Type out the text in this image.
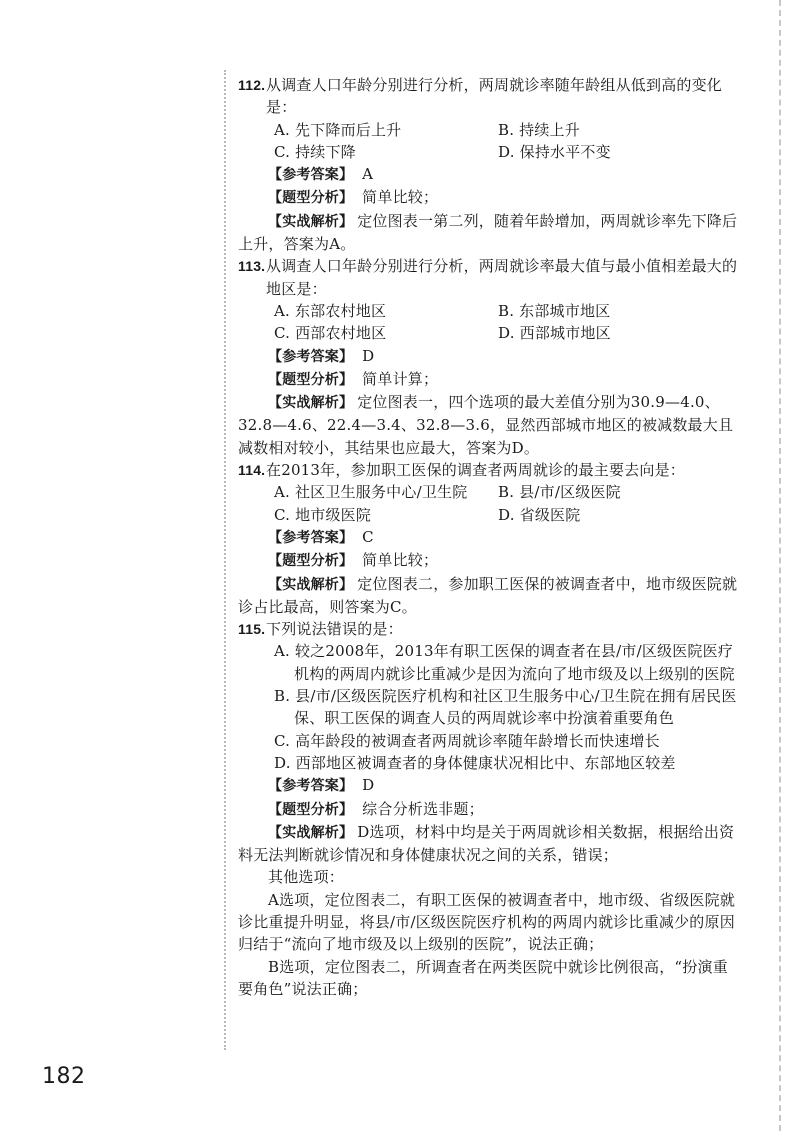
112. 从调查人口年龄分别进行分析，两周就诊率随年龄组从低到高的变化是：
A. 先下降而后上升	B. 持续上升
C. 持续下降	D. 保持水平不变
【参考答案】 A
【题型分析】 简单比较；
【实战解析】 定位图表一第二列，随着年龄增加，两周就诊率先下降后上升，答案为A。
113. 从调查人口年龄分别进行分析，两周就诊率最大值与最小值相差最大的地区是：
A. 东部农村地区	B. 东部城市地区
C. 西部农村地区	D. 西部城市地区
【参考答案】 D
【题型分析】 简单计算；
【实战解析】 定位图表一，四个选项的最大差值分别为30.9—4.0、32.8—4.6、22.4—3.4、32.8—3.6，显然西部城市地区的被减数最大且减数相对较小，其结果也应最大，答案为D。
114. 在2013年，参加职工医保的调查者两周就诊的最主要去向是：
A. 社区卫生服务中心/卫生院	B. 县/市/区级医院
C. 地市级医院	D. 省级医院
【参考答案】 C
【题型分析】 简单比较；
【实战解析】 定位图表二，参加职工医保的被调查者中，地市级医院就诊占比最高，则答案为C。
115. 下列说法错误的是：
A. 较之2008年，2013年有职工医保的调查者在县/市/区级医院医疗机构的两周内就诊比重减少是因为流向了地市级及以上级别的医院
B. 县/市/区级医院医疗机构和社区卫生服务中心/卫生院在拥有居民医保、职工医保的调查人员的两周就诊率中扮演着重要角色
C. 高年龄段的被调查者两周就诊率随年龄增长而快速增长
D. 西部地区被调查者的身体健康状况相比中、东部地区较差
【参考答案】 D
【题型分析】 综合分析选非题；
【实战解析】 D选项，材料中均是关于两周就诊相关数据，根据给出资料无法判断就诊情况和身体健康状况之间的关系，错误；
其他选项：
A选项，定位图表二，有职工医保的被调查者中，地市级、省级医院就诊比重提升明显，将县/市/区级医院医疗机构的两周内就诊比重减少的原因归结于“流向了地市级及以上级别的医院”，说法正确；
B选项，定位图表二，所调查者在两类医院中就诊比例很高，“扮演重要角色”说法正确；
182
